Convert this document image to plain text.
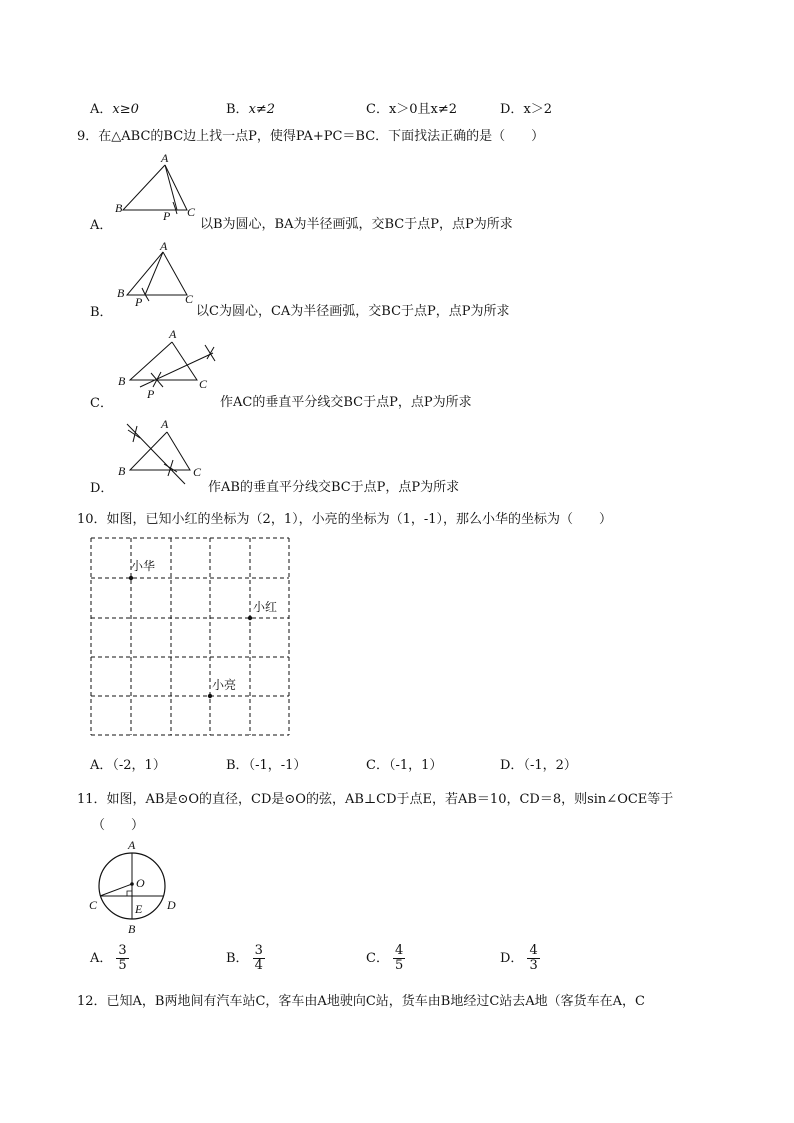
A．x≥0	B．x≠2	C．x＞0且x≠2	D．x＞2
9．在△ABC的BC边上找一点P，使得PA+PC＝BC．下面找法正确的是（　　）
A．
A
B	C
P
以B为圆心，BA为半径画弧，交BC于点P，点P为所求
B．
A
B	C
P
以C为圆心，CA为半径画弧，交BC于点P，点P为所求
C．
A
B	C
P
作AC的垂直平分线交BC于点P，点P为所求
D．
A
B	C
作AB的垂直平分线交BC于点P，点P为所求
10．如图，已知小红的坐标为（2，1），小亮的坐标为（1，-1），那么小华的坐标为（　　）
小华
小红
小亮
A．（-2，1）	B．（-1，-1）	C．（-1，1）	D．（-1，2）
11．如图，AB是⊙O的直径，CD是⊙O的弦，AB⊥CD于点E，若AB＝10，CD＝8，则sin∠OCE等于
（　　）
A
B
C	D
E
O
A． $\frac{3}{5}$	B． $\frac{3}{4}$	C． $\frac{4}{5}$	D． $\frac{4}{3}$
12．已知A，B两地间有汽车站C，客车由A地驶向C站，货车由B地经过C站去A地（客货车在A，C
